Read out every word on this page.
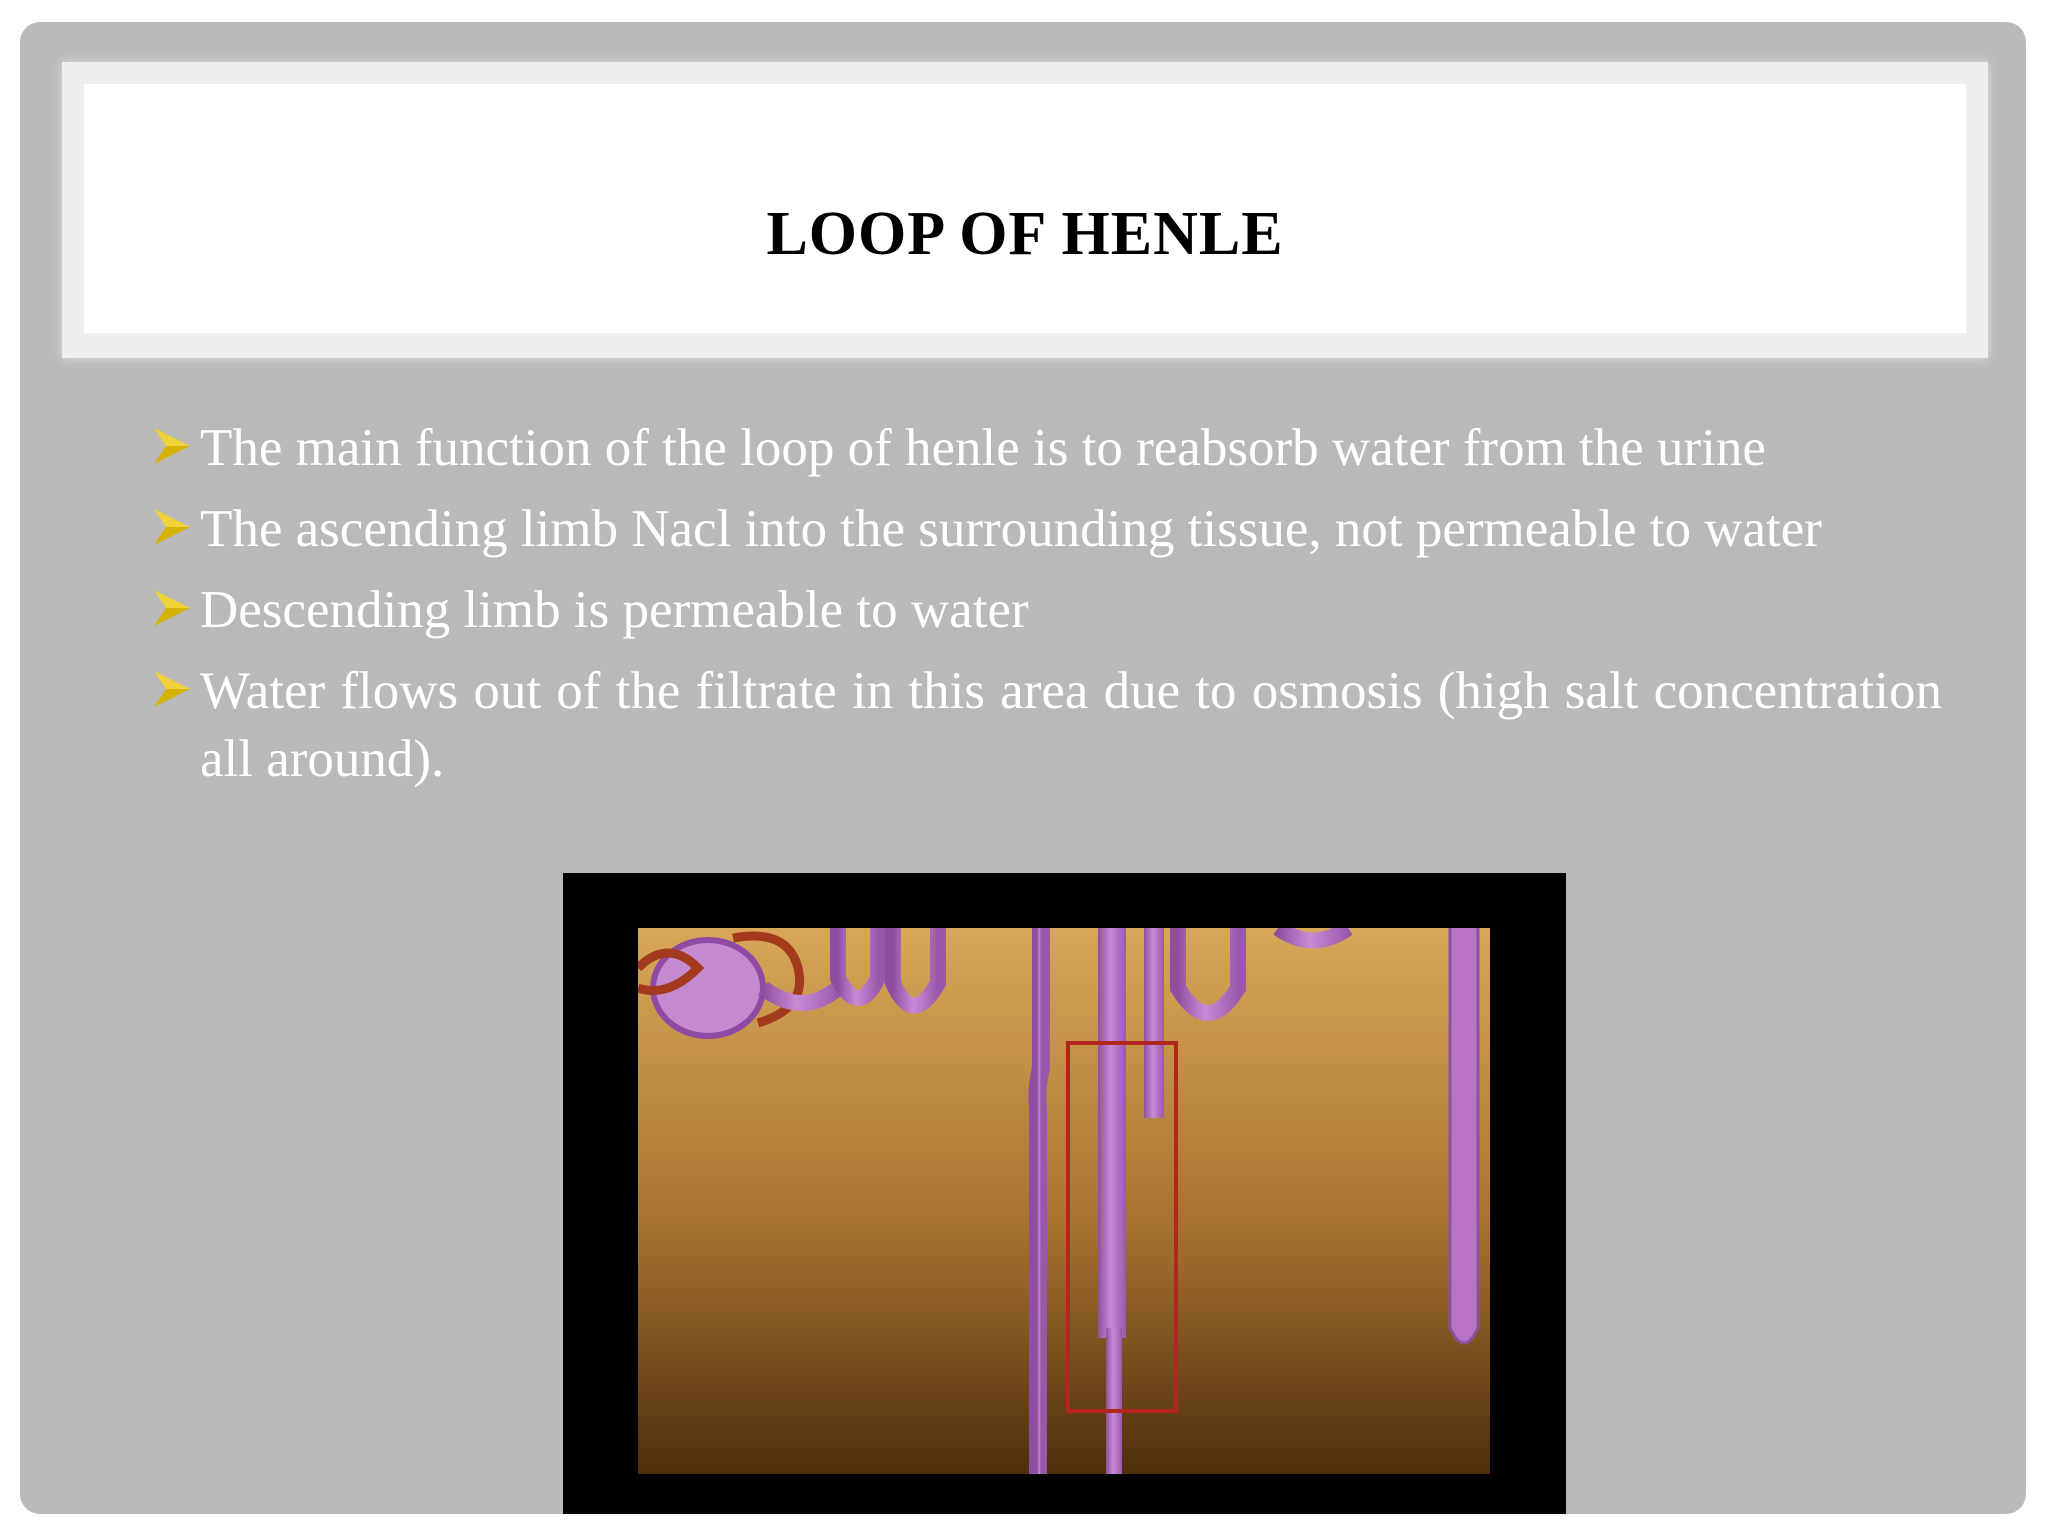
LOOP OF HENLE
The main function of the loop of henle is to reabsorb water from the urine
The ascending limb Nacl into the surrounding tissue, not permeable to water
Descending limb is permeable to water
Water flows out of the filtrate in this area due to osmosis (high salt concentration all around).
